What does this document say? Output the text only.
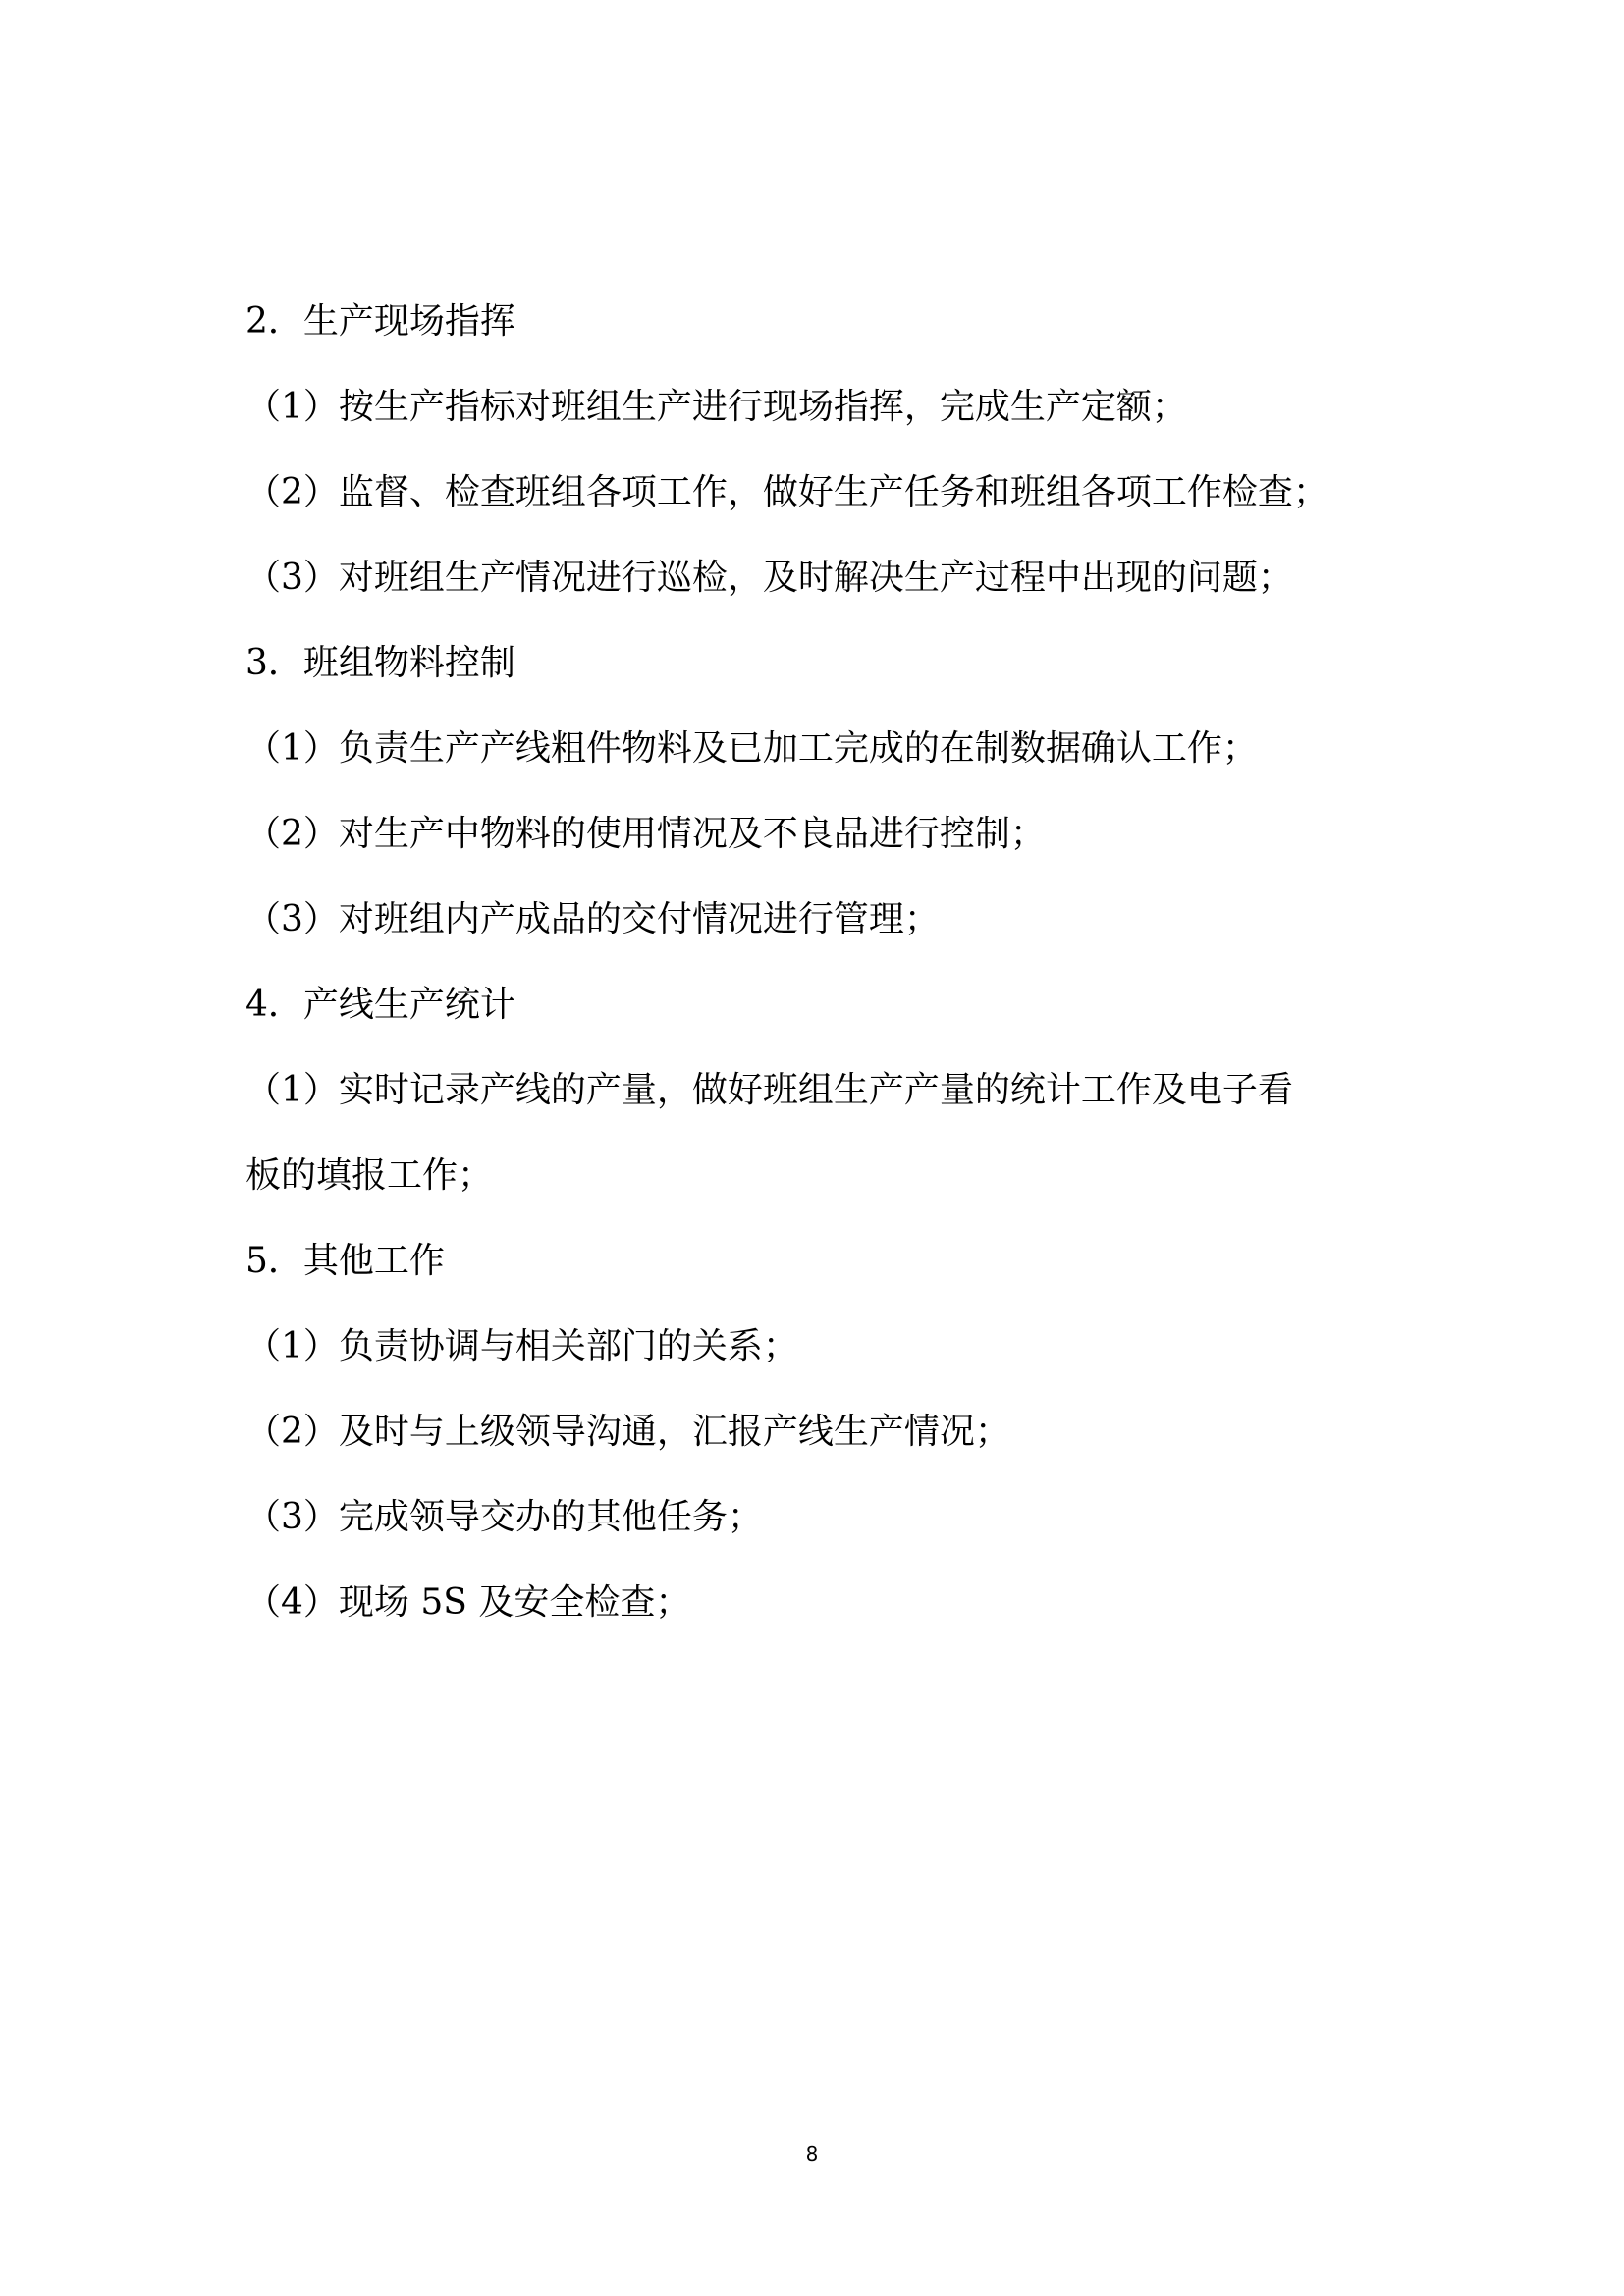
2．生产现场指挥
（1）按生产指标对班组生产进行现场指挥，完成生产定额；
（2）监督、检查班组各项工作，做好生产任务和班组各项工作检查；
（3）对班组生产情况进行巡检，及时解决生产过程中出现的问题；
3．班组物料控制
（1）负责生产产线粗件物料及已加工完成的在制数据确认工作；
（2）对生产中物料的使用情况及不良品进行控制；
（3）对班组内产成品的交付情况进行管理；
4．产线生产统计
（1）实时记录产线的产量，做好班组生产产量的统计工作及电子看
板的填报工作；
5．其他工作
（1）负责协调与相关部门的关系；
（2）及时与上级领导沟通，汇报产线生产情况；
（3）完成领导交办的其他任务；
（4）现场 5S 及安全检查；
8
